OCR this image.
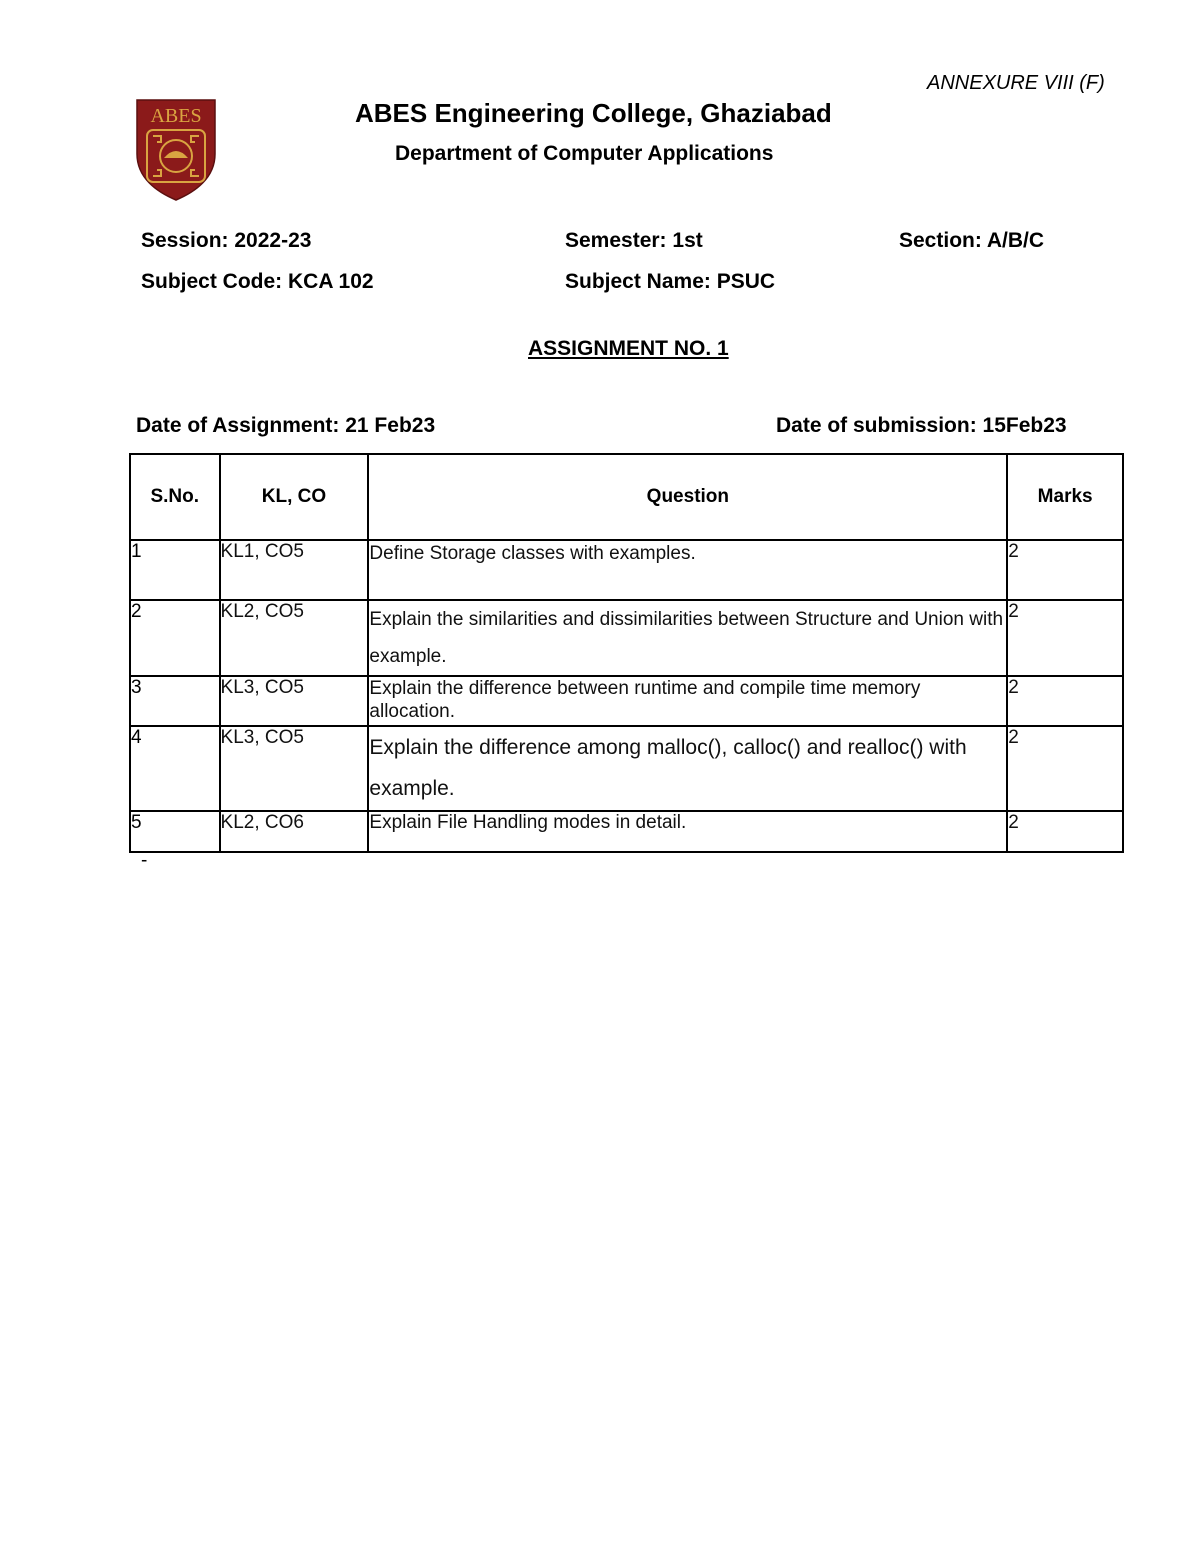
ANNEXURE VIII (F)
ABES	ABES Engineering College, Ghaziabad
Department of Computer Applications
Session: 2022-23	Semester: 1st	Section: A/B/C
Subject Code: KCA 102	Subject Name: PSUC
ASSIGNMENT NO. 1
Date of Assignment: 21 Feb23	Date of submission: 15Feb23
S.No.	KL, CO	Question	Marks
1	KL1, CO5	Define Storage classes with examples.	2
2	KL2, CO5	Explain the similarities and dissimilarities between Structure and Union with example.	2
3	KL3, CO5	Explain the difference between runtime and compile time memory allocation.	2
4	KL3, CO5	Explain the difference among malloc(), calloc() and realloc() with example.	2
5	KL2, CO6	Explain File Handling modes in detail.	2
-
